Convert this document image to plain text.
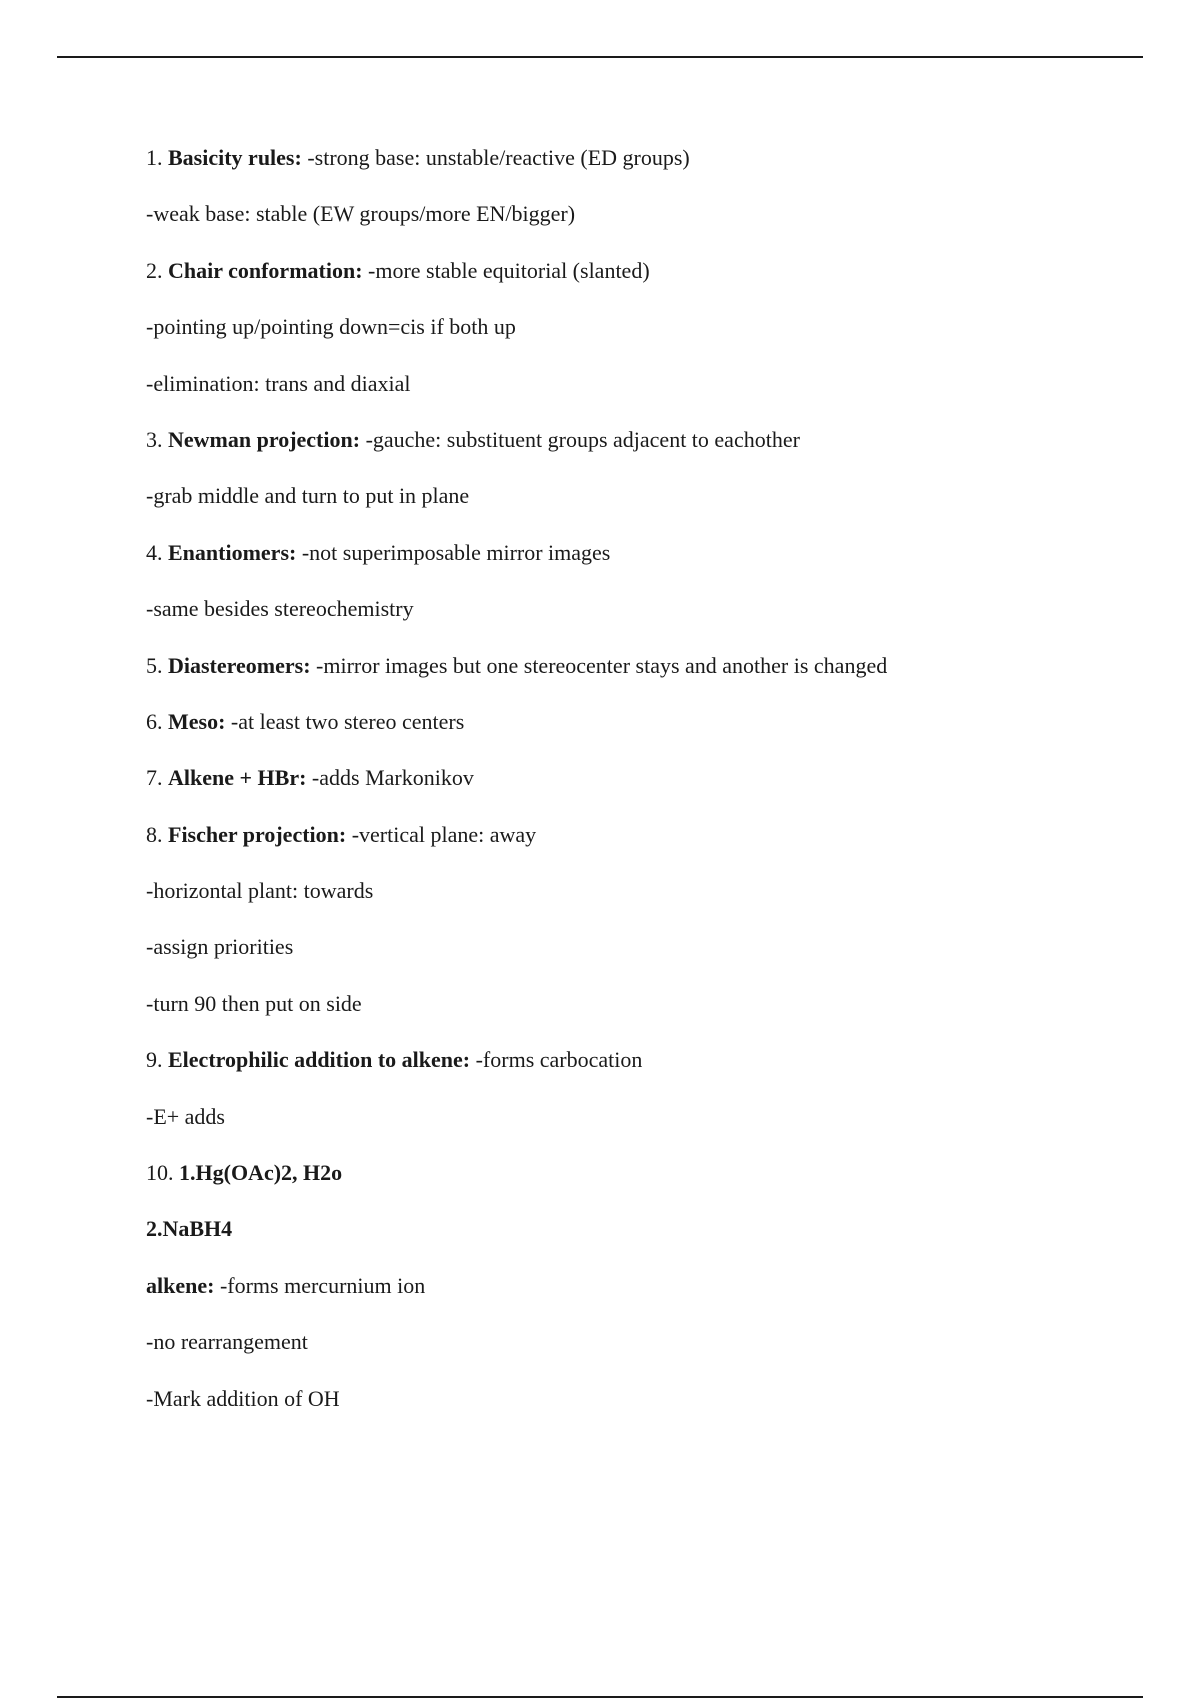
1. Basicity rules: -strong base: unstable/reactive (ED groups)
-weak base: stable (EW groups/more EN/bigger)
2. Chair conformation: -more stable equitorial (slanted)
-pointing up/pointing down=cis if both up
-elimination: trans and diaxial
3. Newman projection: -gauche: substituent groups adjacent to eachother
-grab middle and turn to put in plane
4. Enantiomers: -not superimposable mirror images
-same besides stereochemistry
5. Diastereomers: -mirror images but one stereocenter stays and another is changed
6. Meso: -at least two stereo centers
7. Alkene + HBr: -adds Markonikov
8. Fischer projection: -vertical plane: away
-horizontal plant: towards
-assign priorities
-turn 90 then put on side
9. Electrophilic addition to alkene: -forms carbocation
-E+ adds
10. 1.Hg(OAc)2, H2o
2.NaBH4
alkene: -forms mercurnium ion
-no rearrangement
-Mark addition of OH
